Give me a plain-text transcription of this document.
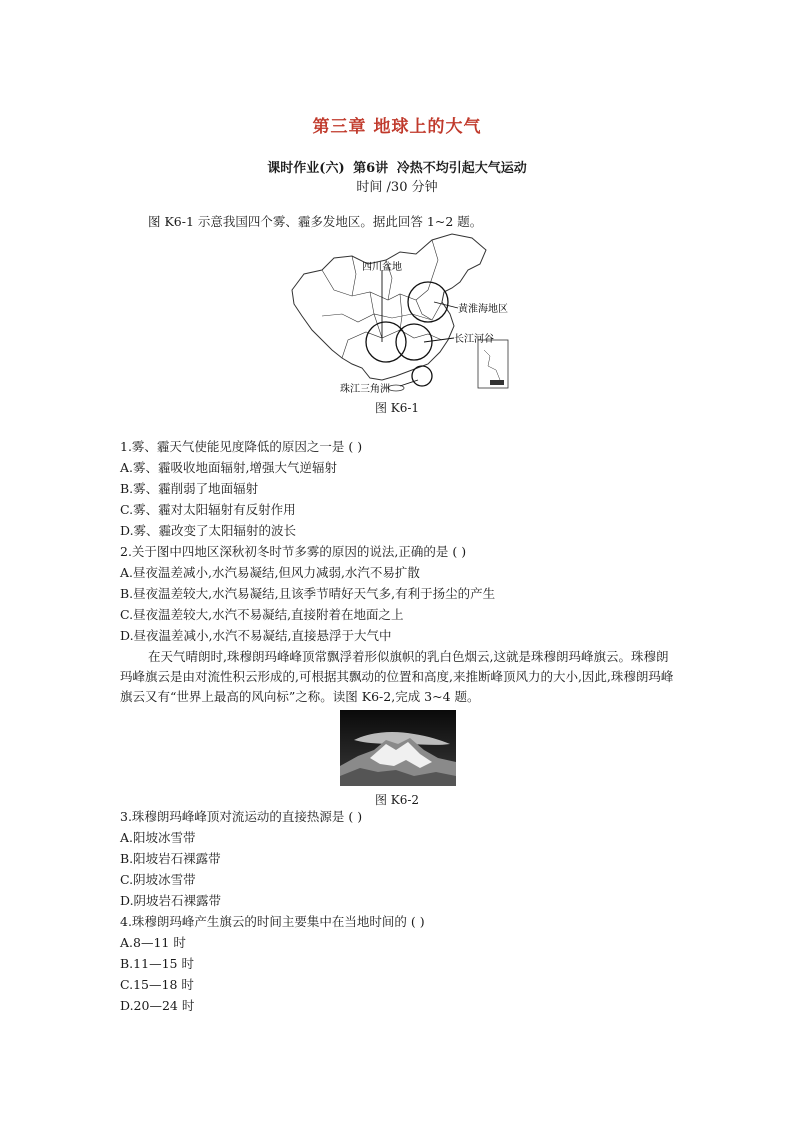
第三章 地球上的大气
课时作业(六) 第6讲 冷热不均引起大气运动
时间 /30 分钟
图 K6-1 示意我国四个雾、霾多发地区。据此回答 1~2 题。
四川盆地
黄淮海地区
长江河谷
珠江三角洲
图 K6-1
1.雾、霾天气使能见度降低的原因之一是 ( )
A.雾、霾吸收地面辐射,增强大气逆辐射
B.雾、霾削弱了地面辐射
C.雾、霾对太阳辐射有反射作用
D.雾、霾改变了太阳辐射的波长
2.关于图中四地区深秋初冬时节多雾的原因的说法,正确的是 ( )
A.昼夜温差减小,水汽易凝结,但风力减弱,水汽不易扩散
B.昼夜温差较大,水汽易凝结,且该季节晴好天气多,有利于扬尘的产生
C.昼夜温差较大,水汽不易凝结,直接附着在地面之上
D.昼夜温差减小,水汽不易凝结,直接悬浮于大气中
在天气晴朗时,珠穆朗玛峰峰顶常飘浮着形似旗帜的乳白色烟云,这就是珠穆朗玛峰旗云。珠穆朗玛峰旗云是由对流性积云形成的,可根据其飘动的位置和高度,来推断峰顶风力的大小,因此,珠穆朗玛峰旗云又有“世界上最高的风向标”之称。读图 K6-2,完成 3~4 题。
图 K6-2
3.珠穆朗玛峰峰顶对流运动的直接热源是 ( )
A.阳坡冰雪带
B.阳坡岩石裸露带
C.阴坡冰雪带
D.阴坡岩石裸露带
4.珠穆朗玛峰产生旗云的时间主要集中在当地时间的 ( )
A.8—11 时
B.11—15 时
C.15—18 时
D.20—24 时
